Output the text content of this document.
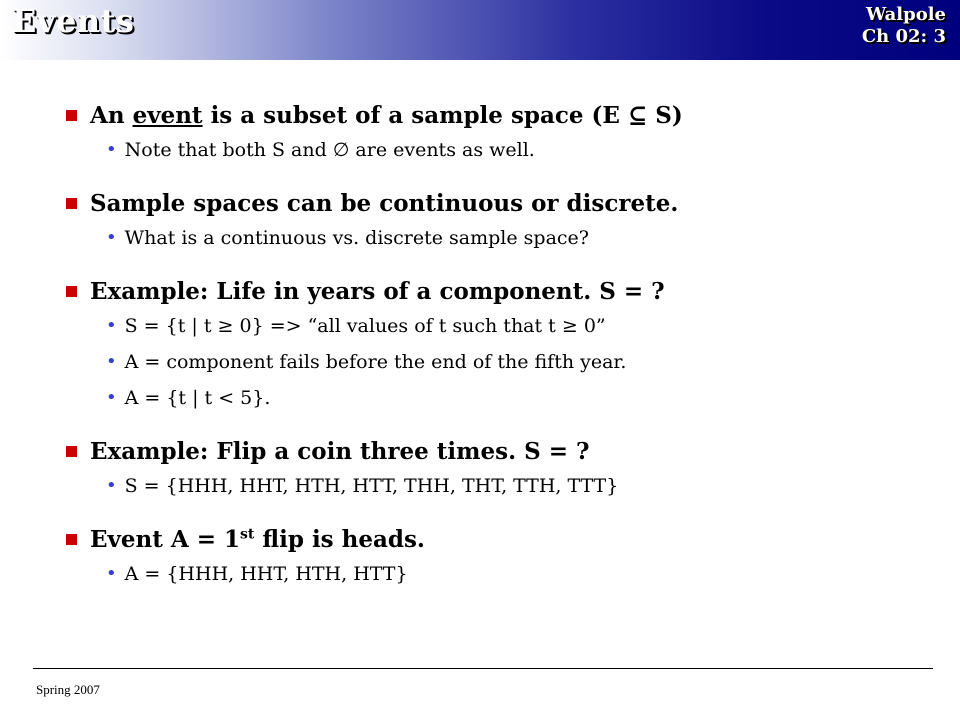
Events	Walpole
Ch 02: 3
An event is a subset of a sample space (E ⊆ S)
• Note that both S and ∅ are events as well.
Sample spaces can be continuous or discrete.
• What is a continuous vs. discrete sample space?
Example: Life in years of a component. S = ?
• S = {t | t ≥ 0} => “all values of t such that t ≥ 0”
• A = component fails before the end of the fifth year.
• A = {t | t < 5}.
Example: Flip a coin three times. S = ?
• S = {HHH, HHT, HTH, HTT, THH, THT, TTH, TTT}
Event A = 1st flip is heads.
• A = {HHH, HHT, HTH, HTT}
Spring 2007
